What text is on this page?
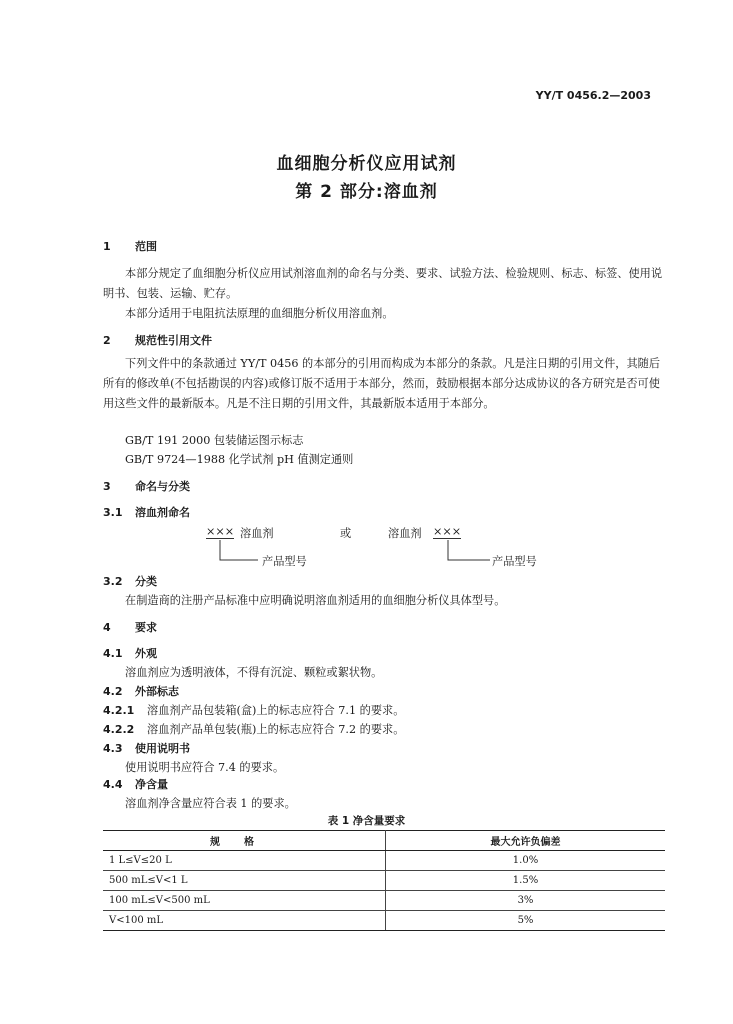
YY/T 0456.2—2003
血细胞分析仪应用试剂
第 2 部分:溶血剂
1 范围
本部分规定了血细胞分析仪应用试剂溶血剂的命名与分类、要求、试验方法、检验规则、标志、标签、使用说明书、包装、运输、贮存。
本部分适用于电阻抗法原理的血细胞分析仪用溶血剂。
2 规范性引用文件
下列文件中的条款通过 YY/T 0456 的本部分的引用而构成为本部分的条款。凡是注日期的引用文件，其随后所有的修改单(不包括勘误的内容)或修订版不适用于本部分，然而，鼓励根据本部分达成协议的各方研究是否可使用这些文件的最新版本。凡是不注日期的引用文件，其最新版本适用于本部分。
GB/T 191 2000 包装储运图示标志
GB/T 9724—1988 化学试剂 pH 值测定通则
3 命名与分类
3.1 溶血剂命名
××× 溶血剂	或	溶血剂 ×××
产品型号	产品型号
3.2 分类
在制造商的注册产品标准中应明确说明溶血剂适用的血细胞分析仪具体型号。
4 要求
4.1 外观
溶血剂应为透明液体，不得有沉淀、颗粒或絮状物。
4.2 外部标志
4.2.1 溶血剂产品包装箱(盒)上的标志应符合 7.1 的要求。
4.2.2 溶血剂产品单包装(瓶)上的标志应符合 7.2 的要求。
4.3 使用说明书
使用说明书应符合 7.4 的要求。
4.4 净含量
溶血剂净含量应符合表 1 的要求。
表 1 净含量要求
规格	最大允许负偏差
1 L≤V≤20 L	1.0%
500 mL≤V<1 L	1.5%
100 mL≤V<500 mL	3%
V<100 mL	5%
